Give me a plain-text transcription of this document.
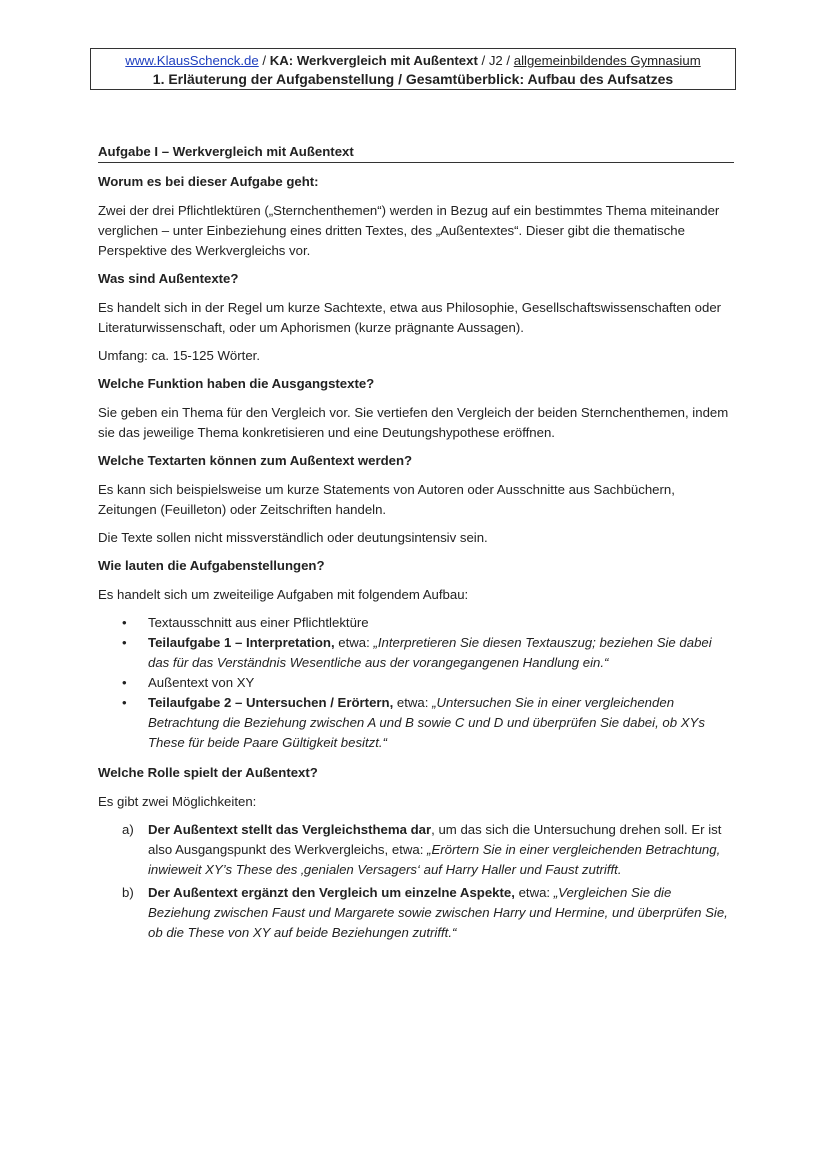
www.KlausSchenck.de / KA: Werkvergleich mit Außentext / J2 / allgemeinbildendes Gymnasium
1. Erläuterung der Aufgabenstellung / Gesamtüberblick: Aufbau des Aufsatzes
Aufgabe I – Werkvergleich mit Außentext
Worum es bei dieser Aufgabe geht:
Zwei der drei Pflichtlektüren („Sternchenthemen“) werden in Bezug auf ein bestimmtes Thema miteinander verglichen – unter Einbeziehung eines dritten Textes, des „Außentextes“. Dieser gibt die thematische Perspektive des Werkvergleichs vor.
Was sind Außentexte?
Es handelt sich in der Regel um kurze Sachtexte, etwa aus Philosophie, Gesellschaftswissenschaften oder Literaturwissenschaft, oder um Aphorismen (kurze prägnante Aussagen).
Umfang: ca. 15-125 Wörter.
Welche Funktion haben die Ausgangstexte?
Sie geben ein Thema für den Vergleich vor. Sie vertiefen den Vergleich der beiden Sternchenthemen, indem sie das jeweilige Thema konkretisieren und eine Deutungshypothese eröffnen.
Welche Textarten können zum Außentext werden?
Es kann sich beispielsweise um kurze Statements von Autoren oder Ausschnitte aus Sachbüchern, Zeitungen (Feuilleton) oder Zeitschriften handeln.
Die Texte sollen nicht missverständlich oder deutungsintensiv sein.
Wie lauten die Aufgabenstellungen?
Es handelt sich um zweiteilige Aufgaben mit folgendem Aufbau:
• Textausschnitt aus einer Pflichtlektüre
• Teilaufgabe 1 – Interpretation, etwa: „Interpretieren Sie diesen Textauszug; beziehen Sie dabei das für das Verständnis Wesentliche aus der vorangegangenen Handlung ein.“
• Außentext von XY
• Teilaufgabe 2 – Untersuchen / Erörtern, etwa: „Untersuchen Sie in einer vergleichenden Betrachtung die Beziehung zwischen A und B sowie C und D und überprüfen Sie dabei, ob XYs These für beide Paare Gültigkeit besitzt.“
Welche Rolle spielt der Außentext?
Es gibt zwei Möglichkeiten:
a) Der Außentext stellt das Vergleichsthema dar, um das sich die Untersuchung drehen soll. Er ist also Ausgangspunkt des Werkvergleichs, etwa: „Erörtern Sie in einer vergleichenden Betrachtung, inwieweit XY’s These des ‚genialen Versagers‘ auf Harry Haller und Faust zutrifft.
b) Der Außentext ergänzt den Vergleich um einzelne Aspekte, etwa: „Vergleichen Sie die Beziehung zwischen Faust und Margarete sowie zwischen Harry und Hermine, und überprüfen Sie, ob die These von XY auf beide Beziehungen zutrifft.“
